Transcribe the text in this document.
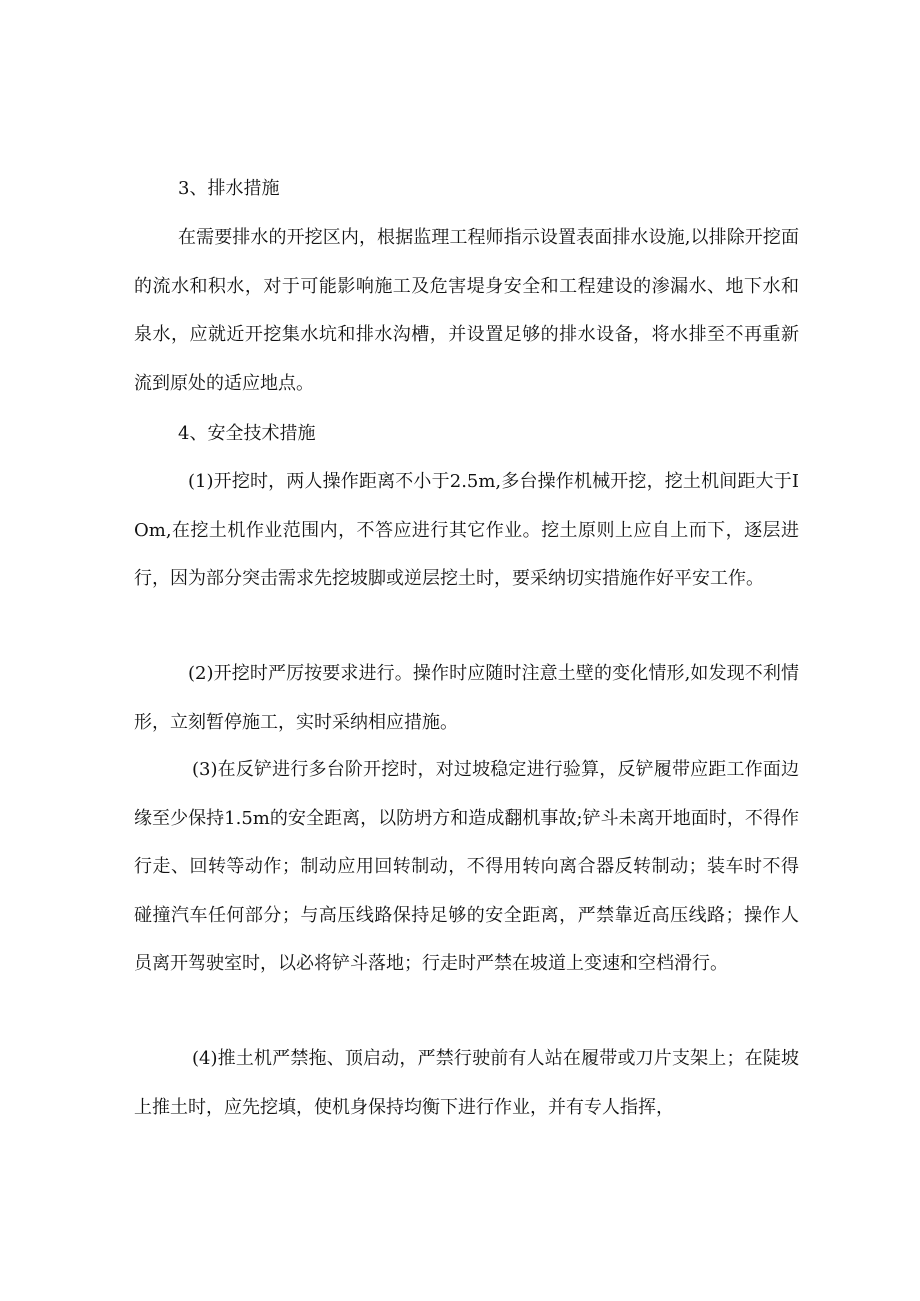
3、排水措施

在需要排水的开挖区内，根据监理工程师指示设置表面排水设施,以排除开挖面的流水和积水，对于可能影响施工及危害堤身安全和工程建设的渗漏水、地下水和泉水，应就近开挖集水坑和排水沟槽，并设置足够的排水设备，将水排至不再重新流到原处的适应地点。

4、安全技术措施

(1)开挖时，两人操作距离不小于2.5m,多台操作机械开挖，挖土机间距大于IOm,在挖土机作业范围内，不答应进行其它作业。挖土原则上应自上而下，逐层进行，因为部分突击需求先挖坡脚或逆层挖土时，要采纳切实措施作好平安工作。

(2)开挖时严厉按要求进行。操作时应随时注意土壁的变化情形,如发现不利情形，立刻暂停施工，实时采纳相应措施。

(3)在反铲进行多台阶开挖时，对过坡稳定进行验算，反铲履带应距工作面边缘至少保持1.5m的安全距离，以防坍方和造成翻机事故;铲斗未离开地面时，不得作行走、回转等动作；制动应用回转制动，不得用转向离合器反转制动；装车时不得碰撞汽车任何部分；与高压线路保持足够的安全距离，严禁靠近高压线路；操作人员离开驾驶室时，以必将铲斗落地；行走时严禁在坡道上变速和空档滑行。

(4)推土机严禁拖、顶启动，严禁行驶前有人站在履带或刀片支架上；在陡坡上推土时，应先挖填，使机身保持均衡下进行作业，并有专人指挥，
